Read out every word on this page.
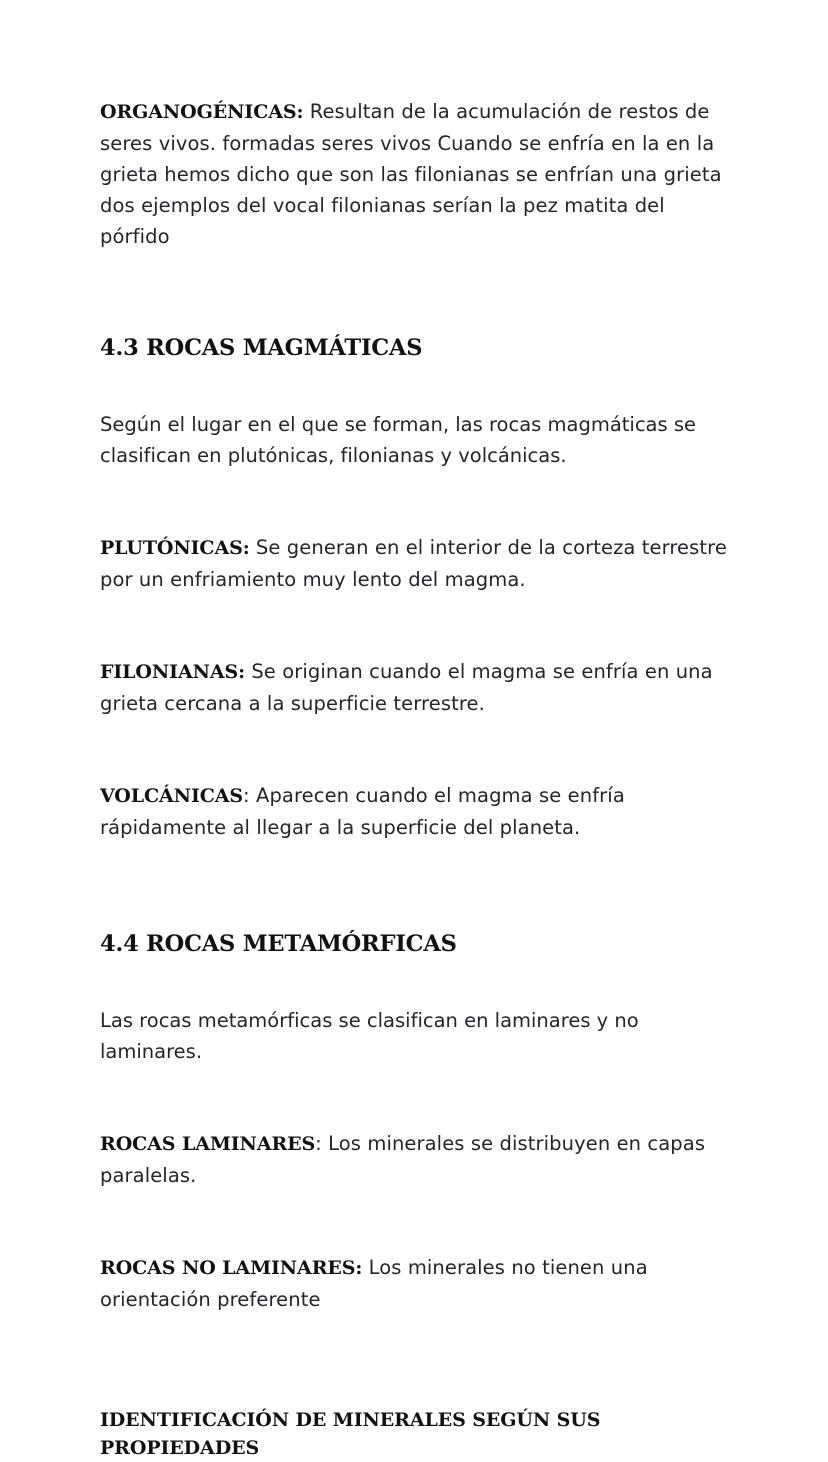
ORGANOGÉNICAS: Resultan de la acumulación de restos de seres vivos. formadas seres vivos Cuando se enfría en la en la grieta hemos dicho que son las filonianas se enfrían una grieta dos ejemplos del vocal filonianas serían la pez matita del pórfido

4.3 ROCAS MAGMÁTICAS

Según el lugar en el que se forman, las rocas magmáticas se clasifican en plutónicas, filonianas y volcánicas.

PLUTÓNICAS: Se generan en el interior de la corteza terrestre por un enfriamiento muy lento del magma.

FILONIANAS: Se originan cuando el magma se enfría en una grieta cercana a la superficie terrestre.

VOLCÁNICAS: Aparecen cuando el magma se enfría rápidamente al llegar a la superficie del planeta.

4.4 ROCAS METAMÓRFICAS

Las rocas metamórficas se clasifican en laminares y no laminares.

ROCAS LAMINARES: Los minerales se distribuyen en capas paralelas.

ROCAS NO LAMINARES: Los minerales no tienen una orientación preferente

IDENTIFICACIÓN DE MINERALES SEGÚN SUS PROPIEDADES
